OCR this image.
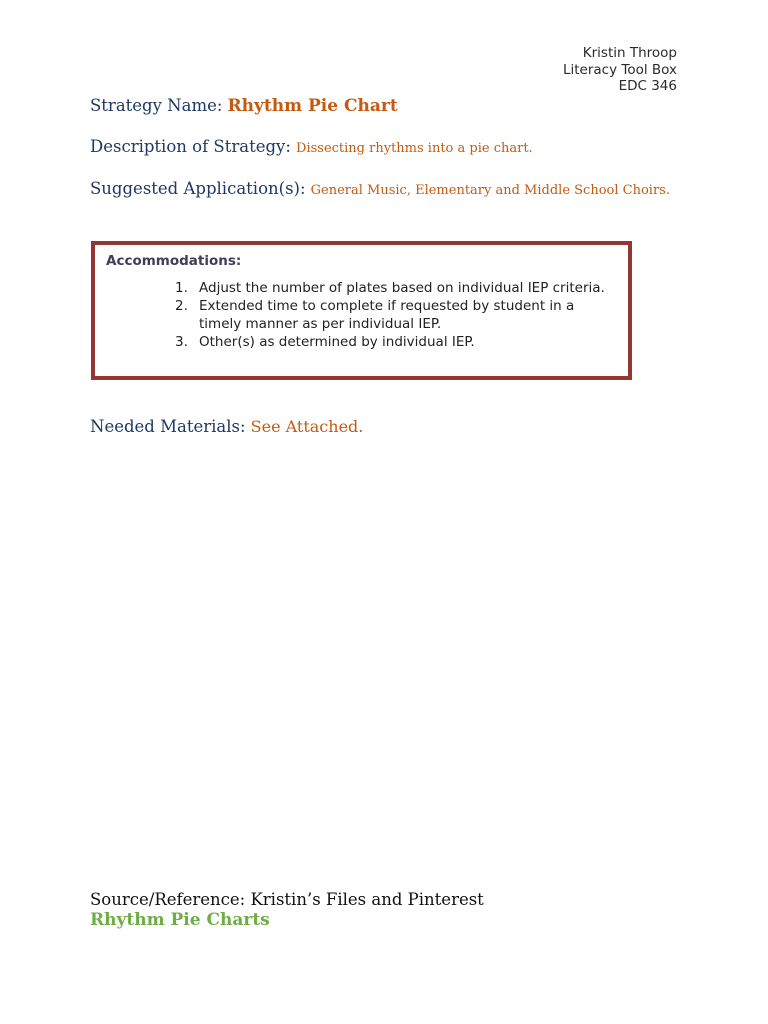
Kristin Throop
Literacy Tool Box
EDC 346
Strategy Name: Rhythm Pie Chart
Description of Strategy: Dissecting rhythms into a pie chart.
Suggested Application(s): General Music, Elementary and Middle School Choirs.
Accommodations:
1. Adjust the number of plates based on individual IEP criteria.
2. Extended time to complete if requested by student in a timely manner as per individual IEP.
3. Other(s) as determined by individual IEP.
Needed Materials: See Attached.
Source/Reference: Kristin’s Files and Pinterest
Rhythm Pie Charts
